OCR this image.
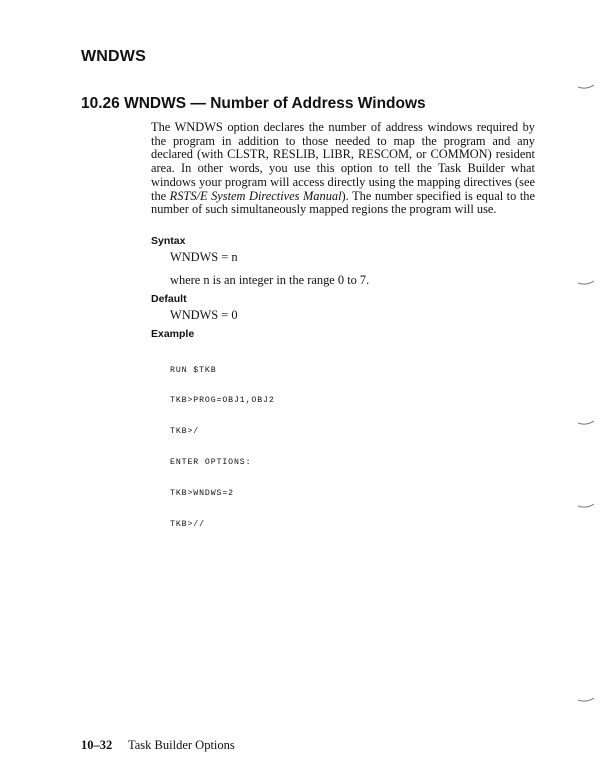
WNDWS
10.26 WNDWS — Number of Address Windows

The WNDWS option declares the number of address windows required by the program in addition to those needed to map the program and any declared (with CLSTR, RESLIB, LIBR, RESCOM, or COMMON) resident area. In other words, you use this option to tell the Task Builder what windows your program will access directly using the mapping directives (see the RSTS/E System Directives Manual). The number specified is equal to the number of such simultaneously mapped regions the program will use.

Syntax
WNDWS = n
where n is an integer in the range 0 to 7.
Default
WNDWS = 0
Example

RUN $TKB

TKB>PROG=OBJ1,OBJ2

TKB>/

ENTER OPTIONS:

TKB>WNDWS=2

TKB>//

10–32 Task Builder Options
